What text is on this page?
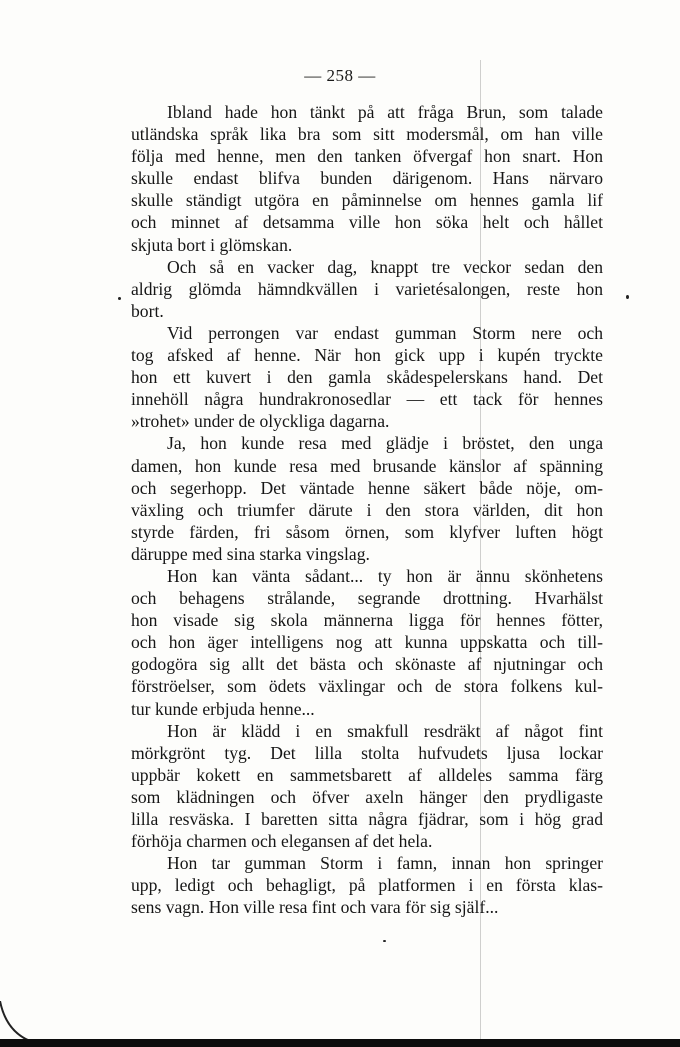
— 258 —
Ibland hade hon tänkt på att fråga Brun, som talade
utländska språk lika bra som sitt modersmål, om han ville
följa med henne, men den tanken öfvergaf hon snart. Hon
skulle endast blifva bunden därigenom. Hans närvaro
skulle ständigt utgöra en påminnelse om hennes gamla lif
och minnet af detsamma ville hon söka helt och hållet
skjuta bort i glömskan.
Och så en vacker dag, knappt tre veckor sedan den
aldrig glömda hämndkvällen i varietésalongen, reste hon
bort.
Vid perrongen var endast gumman Storm nere och
tog afsked af henne. När hon gick upp i kupén tryckte
hon ett kuvert i den gamla skådespelerskans hand. Det
innehöll några hundrakronosedlar — ett tack för hennes
»trohet» under de olyckliga dagarna.
Ja, hon kunde resa med glädje i bröstet, den unga
damen, hon kunde resa med brusande känslor af spänning
och segerhopp. Det väntade henne säkert både nöje, om-
växling och triumfer därute i den stora världen, dit hon
styrde färden, fri såsom örnen, som klyfver luften högt
däruppe med sina starka vingslag.
Hon kan vänta sådant... ty hon är ännu skönhetens
och behagens strålande, segrande drottning. Hvarhälst
hon visade sig skola männerna ligga för hennes fötter,
och hon äger intelligens nog att kunna uppskatta och till-
godogöra sig allt det bästa och skönaste af njutningar och
förströelser, som ödets växlingar och de stora folkens kul-
tur kunde erbjuda henne...
Hon är klädd i en smakfull resdräkt af något fint
mörkgrönt tyg. Det lilla stolta hufvudets ljusa lockar
uppbär kokett en sammetsbarett af alldeles samma färg
som klädningen och öfver axeln hänger den prydligaste
lilla resväska. I baretten sitta några fjädrar, som i hög grad
förhöja charmen och elegansen af det hela.
Hon tar gumman Storm i famn, innan hon springer
upp, ledigt och behagligt, på platformen i en första klas-
sens vagn. Hon ville resa fint och vara för sig själf...
